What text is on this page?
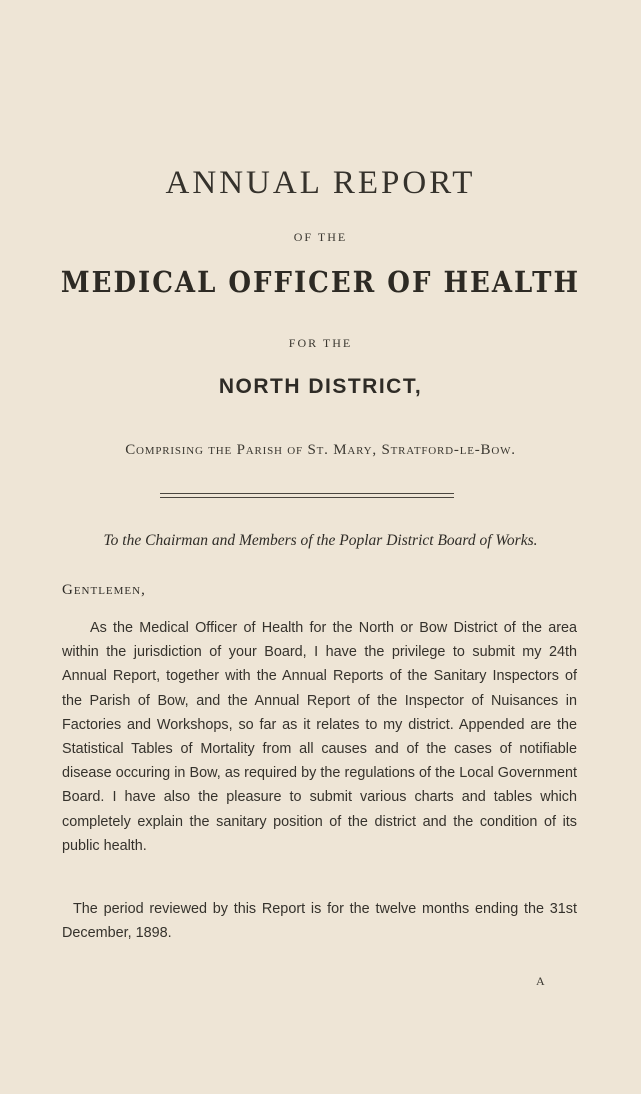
ANNUAL REPORT
OF THE
MEDICAL OFFICER OF HEALTH
FOR THE
NORTH DISTRICT,
Comprising the Parish of St. Mary, Stratford-le-Bow.
To the Chairman and Members of the Poplar District Board of Works.
Gentlemen,
As the Medical Officer of Health for the North or Bow District of the area within the jurisdiction of your Board, I have the privilege to submit my 24th Annual Report, together with the Annual Reports of the Sanitary Inspectors of the Parish of Bow, and the Annual Report of the Inspector of Nuisances in Factories and Workshops, so far as it relates to my district. Appended are the Statistical Tables of Mortality from all causes and of the cases of notifiable disease occuring in Bow, as required by the regulations of the Local Government Board. I have also the pleasure to submit various charts and tables which completely explain the sanitary position of the district and the condition of its public health.
The period reviewed by this Report is for the twelve months ending the 31st December, 1898.
A
